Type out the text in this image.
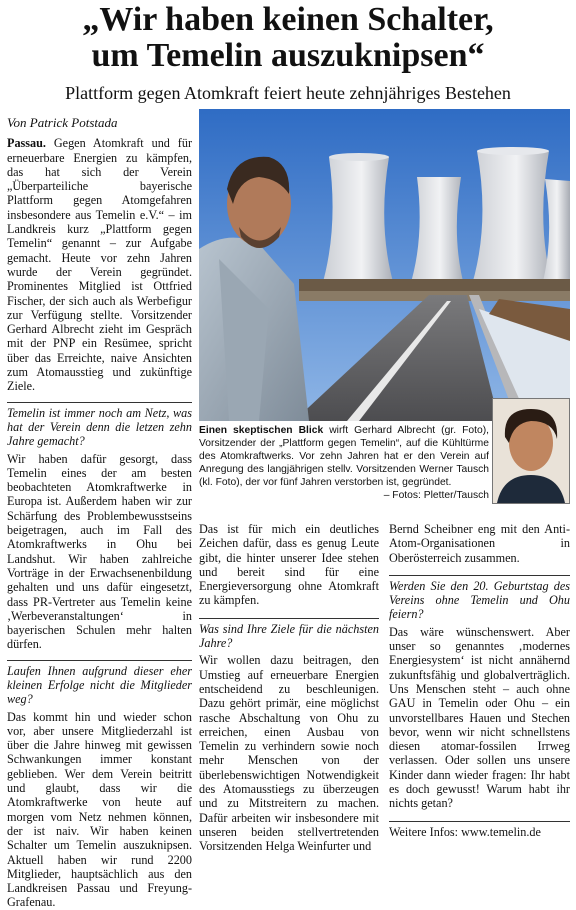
„Wir haben keinen Schalter,
um Temelin auszuknipsen“
Plattform gegen Atomkraft feiert heute zehnjähriges Bestehen
Von Patrick Potstada

Passau. Gegen Atomkraft und für erneuerbare Energien zu kämpfen, das hat sich der Verein „Überparteiliche bayerische Plattform gegen Atomgefahren insbesondere aus Temelin e.V.“ – im Landkreis kurz „Plattform gegen Temelin“ genannt – zur Aufgabe gemacht. Heute vor zehn Jahren wurde der Verein gegründet. Prominentes Mitglied ist Ottfried Fischer, der sich auch als Werbefigur zur Verfügung stellte. Vorsitzender Gerhard Albrecht zieht im Gespräch mit der PNP ein Resümee, spricht über das Erreichte, naive Ansichten zum Atomausstieg und zukünftige Ziele.

Temelin ist immer noch am Netz, was hat der Verein denn die letzen zehn Jahre gemacht?

Wir haben dafür gesorgt, dass Temelin eines der am besten beobachteten Atomkraftwerke in Europa ist. Außerdem haben wir zur Schärfung des Problembewusstseins beigetragen, auch im Fall des Atomkraftwerks in Ohu bei Landshut. Wir haben zahlreiche Vorträge in der Erwachsenenbildung gehalten und uns dafür eingesetzt, dass PR-Vertreter aus Temelin keine ‚Werbeveranstaltungen‘ in bayerischen Schulen mehr halten dürfen.

Laufen Ihnen aufgrund dieser eher kleinen Erfolge nicht die Mitglieder weg?

Das kommt hin und wieder schon vor, aber unsere Mitgliederzahl ist über die Jahre hinweg mit gewissen Schwankungen immer konstant geblieben. Wer dem Verein beitritt und glaubt, dass wir die Atomkraftwerke von heute auf morgen vom Netz nehmen können, der ist naiv. Wir haben keinen Schalter um Temelin auszuknipsen. Aktuell haben wir rund 2200 Mitglieder, hauptsächlich aus den Landkreisen Passau und Freyung-Grafenau.

Einen skeptischen Blick wirft Gerhard Albrecht (gr. Foto), Vorsitzender der „Plattform gegen Temelin“, auf die Kühltürme des Atomkraftwerks. Vor zehn Jahren hat er den Verein auf Anregung des langjährigen stellv. Vorsitzenden Werner Tausch (kl. Foto), der vor fünf Jahren verstorben ist, gegründet.
– Fotos: Pletter/Tausch

Das ist für mich ein deutliches Zeichen dafür, dass es genug Leute gibt, die hinter unserer Idee stehen und bereit sind für eine Energieversorgung ohne Atomkraft zu kämpfen.

Was sind Ihre Ziele für die nächsten Jahre?

Wir wollen dazu beitragen, den Umstieg auf erneuerbare Energien entscheidend zu beschleunigen. Dazu gehört primär, eine möglichst rasche Abschaltung von Ohu zu erreichen, einen Ausbau von Temelin zu verhindern sowie noch mehr Menschen von der überlebenswichtigen Notwendigkeit des Atomausstiegs zu überzeugen und zu Mitstreitern zu machen. Dafür arbeiten wir insbesondere mit unseren beiden stellvertretenden Vorsitzenden Helga Weinfurter und

Bernd Scheibner eng mit den Anti-Atom-Organisationen in Oberösterreich zusammen.

Werden Sie den 20. Geburtstag des Vereins ohne Temelin und Ohu feiern?

Das wäre wünschenswert. Aber unser so genanntes ‚modernes Energiesystem‘ ist nicht annähernd zukunftsfähig und globalverträglich. Uns Menschen steht – auch ohne GAU in Temelin oder Ohu – ein unvorstellbares Hauen und Stechen bevor, wenn wir nicht schnellstens diesen atomar-fossilen Irrweg verlassen. Oder sollen uns unsere Kinder dann wieder fragen: Ihr habt es doch gewusst! Warum habt ihr nichts getan?

Weitere Infos: www.temelin.de
